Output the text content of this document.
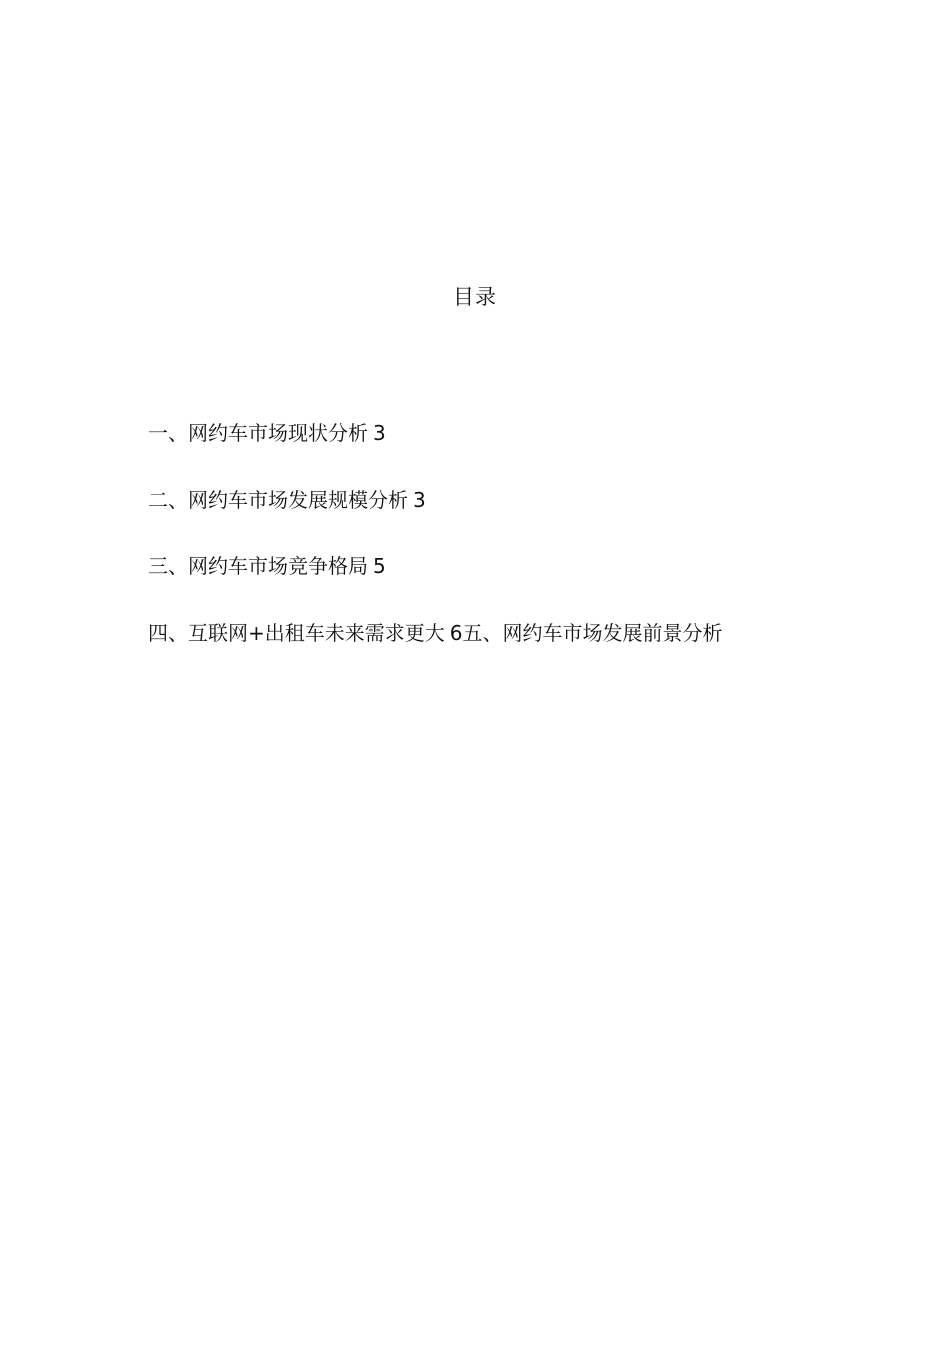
目录
一、网约车市场现状分析 3
二、网约车市场发展规模分析 3
三、网约车市场竞争格局 5
四、互联网+出租车未来需求更大 6五、网约车市场发展前景分析
